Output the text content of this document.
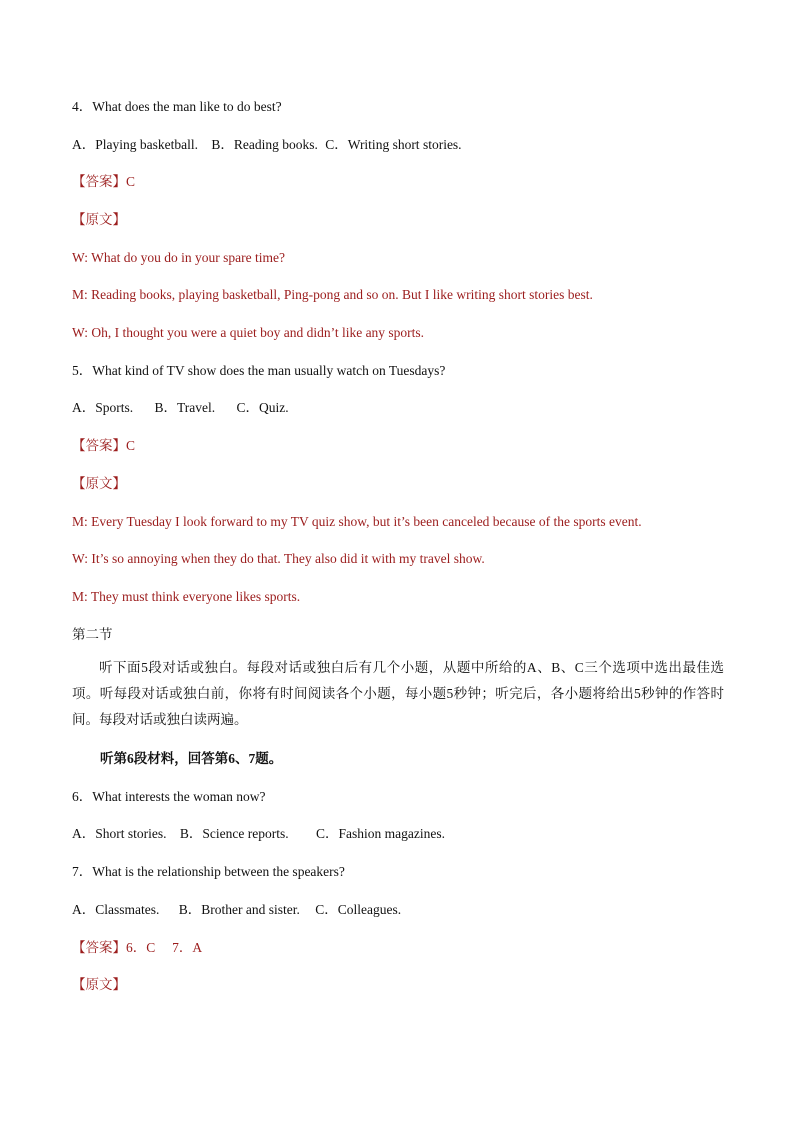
4．What does the man like to do best?
A．Playing basketball. B．Reading books. C．Writing short stories.
【答案】C
【原文】
W: What do you do in your spare time?
M: Reading books, playing basketball, Ping-pong and so on. But I like writing short stories best.
W: Oh, I thought you were a quiet boy and didn’t like any sports.
5．What kind of TV show does the man usually watch on Tuesdays?
A．Sports. B．Travel. C．Quiz.
【答案】C
【原文】
M: Every Tuesday I look forward to my TV quiz show, but it’s been canceled because of the sports event.
W: It’s so annoying when they do that. They also did it with my travel show.
M: They must think everyone likes sports.
第二节
听下面5段对话或独白。每段对话或独白后有几个小题，从题中所给的A、B、C三个选项中选出最佳选项。听每段对话或独白前，你将有时间阅读各个小题，每小题5秒钟；听完后，各小题将给出5秒钟的作答时间。每段对话或独白读两遍。
听第6段材料，回答第6、7题。
6．What interests the woman now?
A．Short stories. B．Science reports. C．Fashion magazines.
7．What is the relationship between the speakers?
A．Classmates. B．Brother and sister. C．Colleagues.
【答案】6．C     7．A
【原文】
